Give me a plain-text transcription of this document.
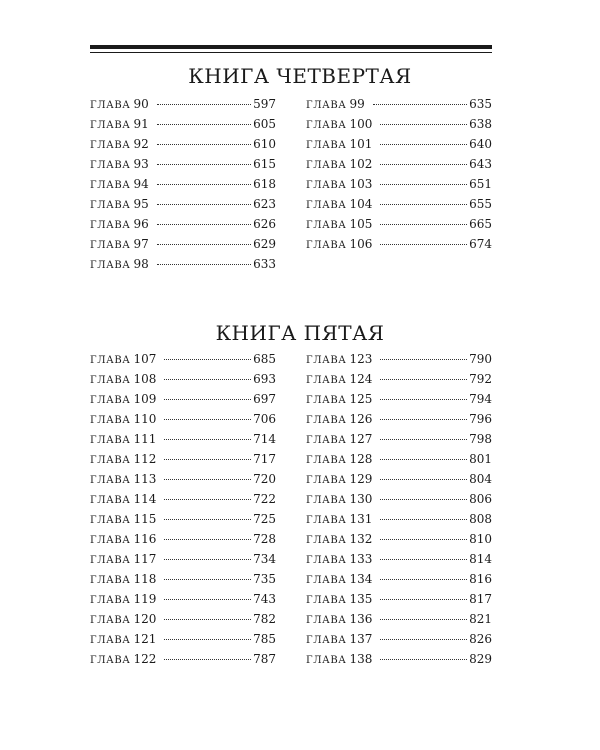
КНИГА ЧЕТВЕРТАЯ
ГЛАВА 90	597
ГЛАВА 91	605
ГЛАВА 92	610
ГЛАВА 93	615
ГЛАВА 94	618
ГЛАВА 95	623
ГЛАВА 96	626
ГЛАВА 97	629
ГЛАВА 98	633
ГЛАВА 99	635
ГЛАВА 100	638
ГЛАВА 101	640
ГЛАВА 102	643
ГЛАВА 103	651
ГЛАВА 104	655
ГЛАВА 105	665
ГЛАВА 106	674
КНИГА ПЯТАЯ
ГЛАВА 107	685
ГЛАВА 108	693
ГЛАВА 109	697
ГЛАВА 110	706
ГЛАВА 111	714
ГЛАВА 112	717
ГЛАВА 113	720
ГЛАВА 114	722
ГЛАВА 115	725
ГЛАВА 116	728
ГЛАВА 117	734
ГЛАВА 118	735
ГЛАВА 119	743
ГЛАВА 120	782
ГЛАВА 121	785
ГЛАВА 122	787
ГЛАВА 123	790
ГЛАВА 124	792
ГЛАВА 125	794
ГЛАВА 126	796
ГЛАВА 127	798
ГЛАВА 128	801
ГЛАВА 129	804
ГЛАВА 130	806
ГЛАВА 131	808
ГЛАВА 132	810
ГЛАВА 133	814
ГЛАВА 134	816
ГЛАВА 135	817
ГЛАВА 136	821
ГЛАВА 137	826
ГЛАВА 138	829
